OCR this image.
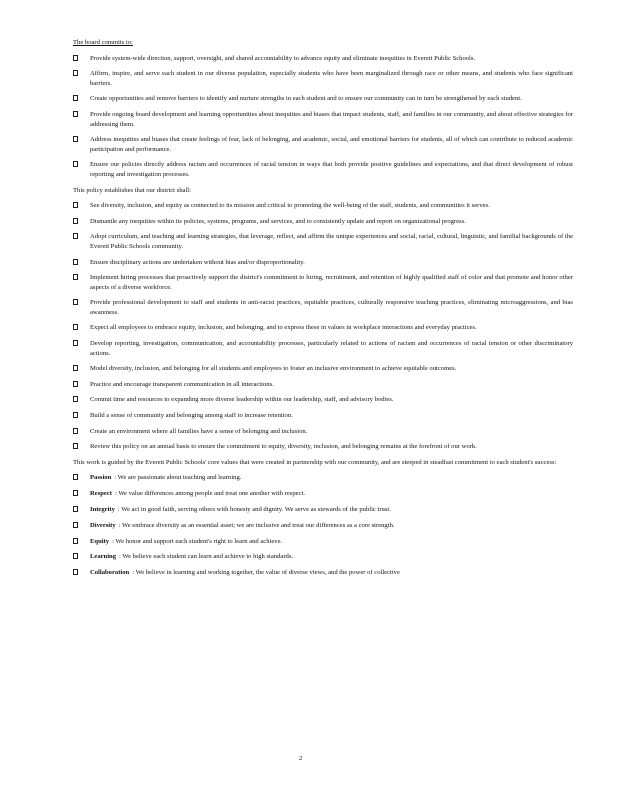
The board commits to:

Provide system-wide direction, support, oversight, and shared accountability to advance equity and eliminate inequities in Everett Public Schools.
Affirm, inspire, and serve each student in our diverse population, especially students who have been marginalized through race or other means, and students who face significant barriers.
Create opportunities and remove barriers to identify and nurture strengths in each student and to ensure our community can in turn be strengthened by each student.
Provide ongoing board development and learning opportunities about inequities and biases that impact students, staff, and families in our community, and about effective strategies for addressing them.
Address inequities and biases that create feelings of fear, lack of belonging, and academic, social, and emotional barriers for students, all of which can contribute to reduced academic participation and performance.
Ensure our policies directly address racism and occurrences of racial tension in ways that both provide positive guidelines and expectations, and that direct development of robust reporting and investigation processes.

This policy establishes that our district shall:

See diversity, inclusion, and equity as connected to its mission and critical to promoting the well-being of the staff, students, and communities it serves.
Dismantle any inequities within its policies, systems, programs, and services, and to consistently update and report on organizational progress.
Adopt curriculum, and teaching and learning strategies, that leverage, reflect, and affirm the unique experiences and social, racial, cultural, linguistic, and familial backgrounds of the Everett Public Schools community.
Ensure disciplinary actions are undertaken without bias and/or disproportionality.
Implement hiring processes that proactively support the district's commitment to hiring, recruitment, and retention of highly qualified staff of color and that promote and honor other aspects of a diverse workforce.
Provide professional development to staff and students in anti-racist practices, equitable practices, culturally responsive teaching practices, eliminating microaggressions, and bias awareness.
Expect all employees to embrace equity, inclusion, and belonging, and to express these in values in workplace interactions and everyday practices.
Develop reporting, investigation, communication, and accountability processes, particularly related to actions of racism and occurrences of racial tension or other discriminatory actions.
Model diversity, inclusion, and belonging for all students and employees to foster an inclusive environment to achieve equitable outcomes.
Practice and encourage transparent communication in all interactions.
Commit time and resources to expanding more diverse leadership within our leadership, staff, and advisory bodies.
Build a sense of community and belonging among staff to increase retention.
Create an environment where all families have a sense of belonging and inclusion.
Review this policy on an annual basis to ensure the commitment to equity, diversity, inclusion, and belonging remains at the forefront of our work.

This work is guided by the Everett Public Schools' core values that were created in partnership with our community, and are steeped in steadfast commitment to each student's success:

Passion : We are passionate about teaching and learning.
Respect : We value differences among people and treat one another with respect.
Integrity : We act in good faith, serving others with honesty and dignity. We serve as stewards of the public trust.
Diversity : We embrace diversity as an essential asset; we are inclusive and treat our differences as a core strength.
Equity : We honor and support each student's right to learn and achieve.
Learning : We believe each student can learn and achieve to high standards.
Collaboration : We believe in learning and working together, the value of diverse views, and the power of collective
2
